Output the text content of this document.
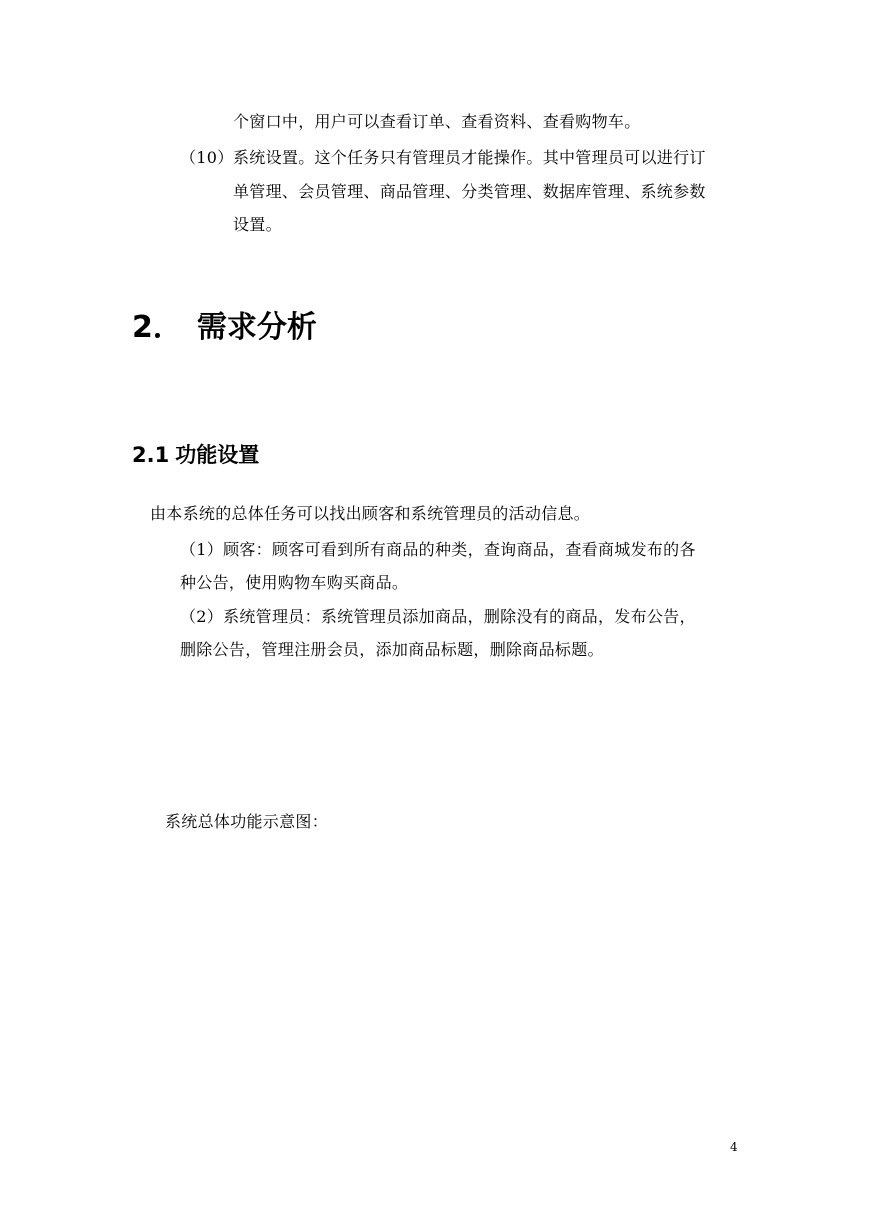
个窗口中，用户可以查看订单、查看资料、查看购物车。
（10） 系统设置。这个任务只有管理员才能操作。其中管理员可以进行订
单管理、会员管理、商品管理、分类管理、数据库管理、系统参数
设置。
2． 需求分析
2.1 功能设置
由本系统的总体任务可以找出顾客和系统管理员的活动信息。
（1）顾客：顾客可看到所有商品的种类，查询商品，查看商城发布的各
种公告，使用购物车购买商品。
（2）系统管理员：系统管理员添加商品，删除没有的商品，发布公告，
删除公告，管理注册会员，添加商品标题，删除商品标题。
系统总体功能示意图：
4
